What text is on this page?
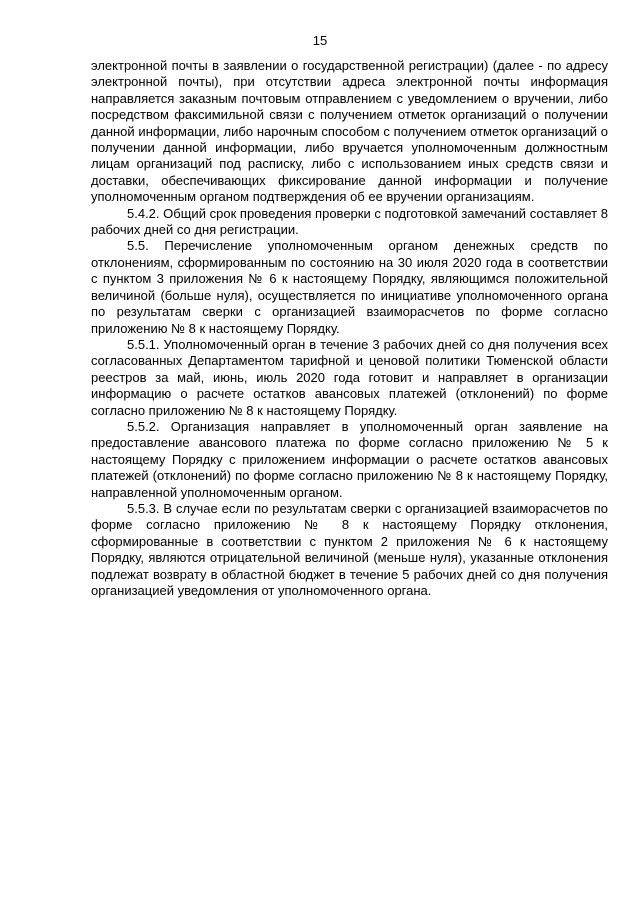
15

электронной почты в заявлении о государственной регистрации) (далее - по адресу электронной почты), при отсутствии адреса электронной почты информация направляется заказным почтовым отправлением с уведомлением о вручении, либо посредством факсимильной связи с получением отметок организаций о получении данной информации, либо нарочным способом с получением отметок организаций о получении данной информации, либо вручается уполномоченным должностным лицам организаций под расписку, либо с использованием иных средств связи и доставки, обеспечивающих фиксирование данной информации и получение уполномоченным органом подтверждения об ее вручении организациям.

5.4.2. Общий срок проведения проверки с подготовкой замечаний составляет 8 рабочих дней со дня регистрации.

5.5. Перечисление уполномоченным органом денежных средств по отклонениям, сформированным по состоянию на 30 июля 2020 года в соответствии с пунктом 3 приложения № 6 к настоящему Порядку, являющимся положительной величиной (больше нуля), осуществляется по инициативе уполномоченного органа по результатам сверки с организацией взаиморасчетов по форме согласно приложению № 8 к настоящему Порядку.

5.5.1. Уполномоченный орган в течение 3 рабочих дней со дня получения всех согласованных Департаментом тарифной и ценовой политики Тюменской области реестров за май, июнь, июль 2020 года готовит и направляет в организации информацию о расчете остатков авансовых платежей (отклонений) по форме согласно приложению № 8 к настоящему Порядку.

5.5.2. Организация направляет в уполномоченный орган заявление на предоставление авансового платежа по форме согласно приложению № 5 к настоящему Порядку с приложением информации о расчете остатков авансовых платежей (отклонений) по форме согласно приложению № 8 к настоящему Порядку, направленной уполномоченным органом.

5.5.3. В случае если по результатам сверки с организацией взаиморасчетов по форме согласно приложению № 8 к настоящему Порядку отклонения, сформированные в соответствии с пунктом 2 приложения № 6 к настоящему Порядку, являются отрицательной величиной (меньше нуля), указанные отклонения подлежат возврату в областной бюджет в течение 5 рабочих дней со дня получения организацией уведомления от уполномоченного органа.
